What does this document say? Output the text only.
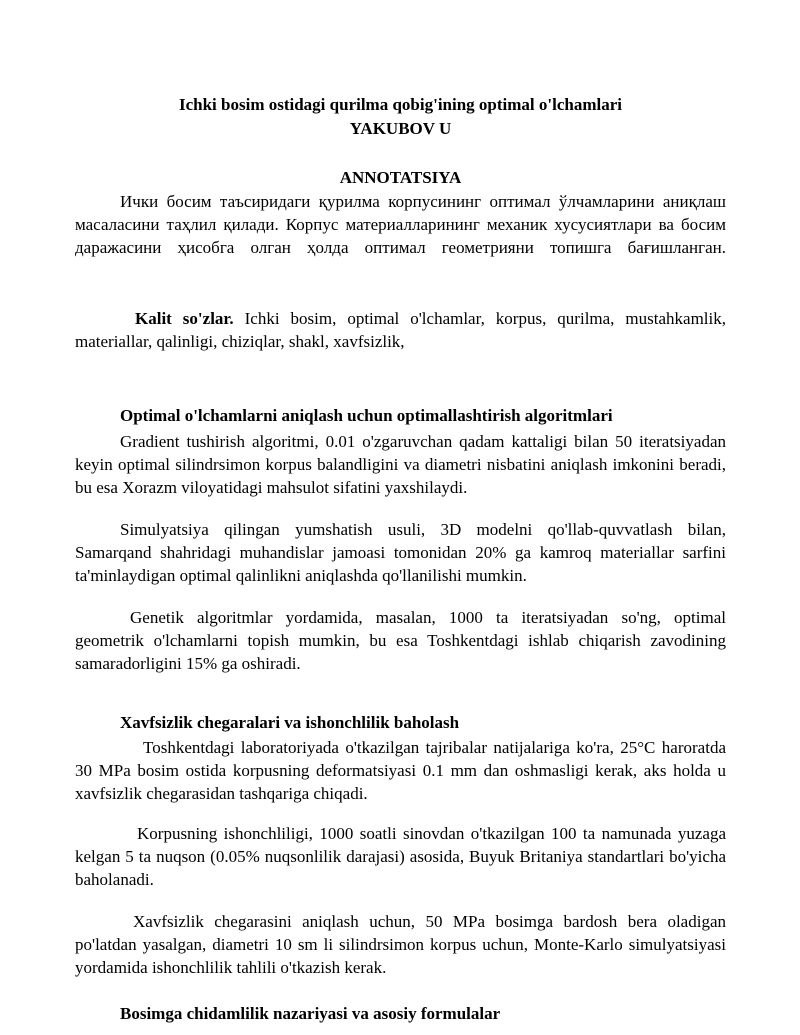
Ichki bosim ostidagi qurilma qobig'ining optimal o'lchamlari

YAKUBOV U

ANNOTATSIYA

Ички босим таъсиридаги қурилма корпусининг оптимал ўлчамларини аниқлаш масаласини таҳлил қилади. Корпус материалларининг механик хусусиятлари ва босим даражасини ҳисобга олган ҳолда оптимал геометрияни топишга бағишланган.

Kalit so'zlar. Ichki bosim, optimal o'lchamlar, korpus, qurilma, mustahkamlik, materiallar, qalinligi, chiziqlar, shakl, xavfsizlik,

Optimal o'lchamlarni aniqlash uchun optimallashtirish algoritmlari

Gradient tushirish algoritmi, 0.01 o'zgaruvchan qadam kattaligi bilan 50 iteratsiyadan keyin optimal silindrsimon korpus balandligini va diametri nisbatini aniqlash imkonini beradi, bu esa Xorazm viloyatidagi mahsulot sifatini yaxshilaydi.

Simulyatsiya qilingan yumshatish usuli, 3D modelni qo'llab-quvvatlash bilan, Samarqand shahridagi muhandislar jamoasi tomonidan 20% ga kamroq materiallar sarfini ta'minlaydigan optimal qalinlikni aniqlashda qo'llanilishi mumkin.

Genetik algoritmlar yordamida, masalan, 1000 ta iteratsiyadan so'ng, optimal geometrik o'lchamlarni topish mumkin, bu esa Toshkentdagi ishlab chiqarish zavodining samaradorligini 15% ga oshiradi.

Xavfsizlik chegaralari va ishonchlilik baholash

Toshkentdagi laboratoriyada o'tkazilgan tajribalar natijalariga ko'ra, 25°C haroratda 30 MPa bosim ostida korpusning deformatsiyasi 0.1 mm dan oshmasligi kerak, aks holda u xavfsizlik chegarasidan tashqariga chiqadi.

Korpusning ishonchliligi, 1000 soatli sinovdan o'tkazilgan 100 ta namunada yuzaga kelgan 5 ta nuqson (0.05% nuqsonlilik darajasi) asosida, Buyuk Britaniya standartlari bo'yicha baholanadi.

Xavfsizlik chegarasini aniqlash uchun, 50 MPa bosimga bardosh bera oladigan po'latdan yasalgan, diametri 10 sm li silindrsimon korpus uchun, Monte-Karlo simulyatsiyasi yordamida ishonchlilik tahlili o'tkazish kerak.

Bosimga chidamlilik nazariyasi va asosiy formulalar
